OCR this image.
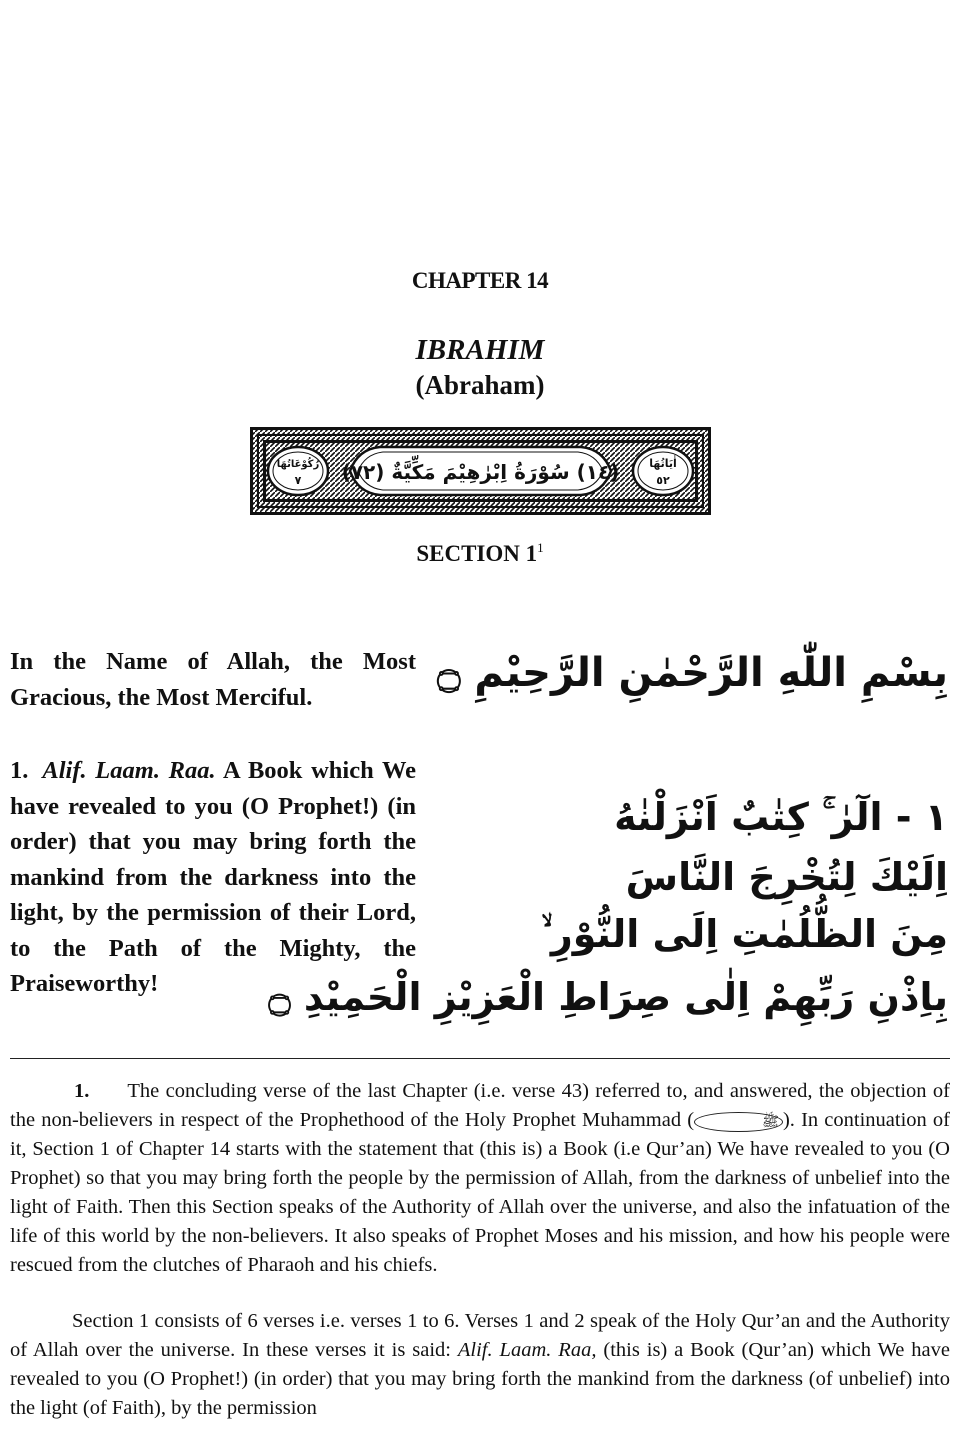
CHAPTER 14
IBRAHIM
(Abraham)
(١٤) سُوْرَةُ اِبْرٰهِيْمَ مَكِّيَّةٌ (٧٢)	اٰيَاتُهَا
٥٢
رُكُوْعَاتُهَا
٧
SECTION $1^1$
In the Name of Allah, the Most Gracious, the Most Merciful.
بِسْمِ اللّٰهِ الرَّحْمٰنِ الرَّحِيْمِ ۝
1. Alif. Laam. Raa. A Book which We have revealed to you (O Prophet!) (in order) that you may bring forth the mankind from the darkness into the light, by the permission of their Lord, to the Path of the Mighty, the Praiseworthy!
١ - الٓرٰ ۚ كِتٰبٌ اَنْزَلْنٰهُ
اِلَيْكَ لِتُخْرِجَ النَّاسَ
مِنَ الظُّلُمٰتِ اِلَى النُّوْرِ ۙ
بِاِذْنِ رَبِّهِمْ اِلٰى صِرَاطِ الْعَزِيْزِ الْحَمِيْدِ ۝
1. The concluding verse of the last Chapter (i.e. verse 43) referred to, and answered, the objection of the non-believers in respect of the Prophethood of the Holy Prophet Muhammad (	ﷺ ). In continuation of it, Section 1 of Chapter 14 starts with the statement that (this is) a Book (i.e Qur’an) We have revealed to you (O Prophet) so that you may bring forth the people by the permission of Allah, from the darkness of unbelief into the light of Faith. Then this Section speaks of the Authority of Allah over the universe, and also the infatuation of the life of this world by the non-believers. It also speaks of Prophet Moses and his mission, and how his people were rescued from the clutches of Pharaoh and his chiefs.
Section 1 consists of 6 verses i.e. verses 1 to 6. Verses 1 and 2 speak of the Holy Qur’an and the Authority of Allah over the universe. In these verses it is said: Alif. Laam. Raa, (this is) a Book (Qur’an) which We have revealed to you (O Prophet!) (in order) that you may bring forth the mankind from the darkness (of unbelief) into the light (of Faith), by the permission
